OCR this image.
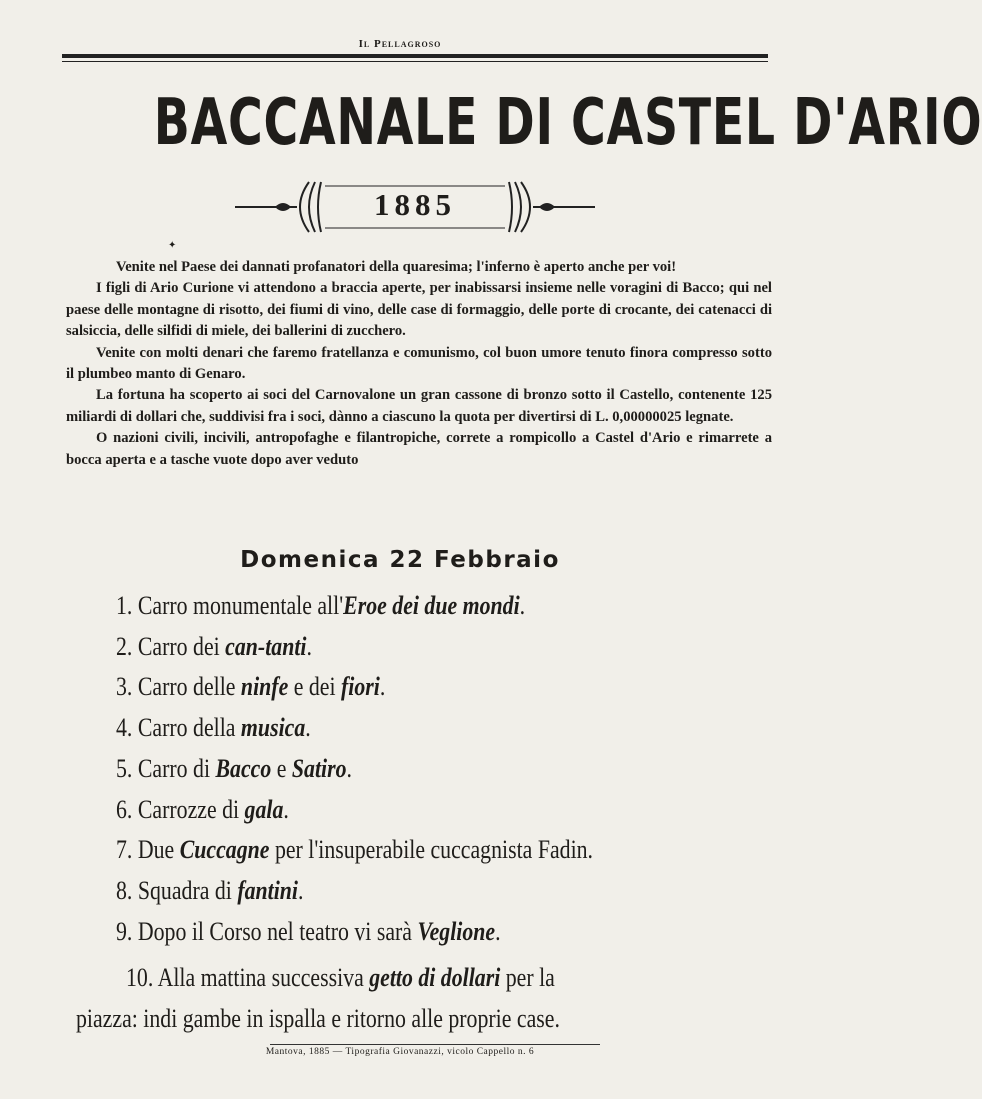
Il Pellagroso
BACCANALE DI CASTEL D'ARIO
1885
✦

Venite nel Paese dei dannati profanatori della quaresima; l'inferno è aperto anche per voi!

I figli di Ario Curione vi attendono a braccia aperte, per inabissarsi insieme nelle voragini di Bacco; qui nel paese delle montagne di risotto, dei fiumi di vino, delle case di formaggio, delle porte di crocante, dei catenacci di salsiccia, delle silfidi di miele, dei ballerini di zucchero.

Venite con molti denari che faremo fratellanza e comunismo, col buon umore tenuto finora compresso sotto il plumbeo manto di Genaro.

La fortuna ha scoperto ai soci del Carnovalone un gran cassone di bronzo sotto il Castello, contenente 125 miliardi di dollari che, suddivisi fra i soci, dànno a ciascuno la quota per divertirsi di L. 0,00000025 legnate.

O nazioni civili, incivili, antropofaghe e filantropiche, correte a rompicollo a Castel d'Ario e rimarrete a bocca aperta e a tasche vuote dopo aver veduto

Domenica 22 Febbraio
1. Carro monumentale all'Eroe dei due mondi.
2. Carro dei can-tanti.
3. Carro delle ninfe e dei fiori.
4. Carro della musica.
5. Carro di Bacco e Satiro.
6. Carrozze di gala.
7. Due Cuccagne per l'insuperabile cuccagnista Fadin.
8. Squadra di fantini.
9. Dopo il Corso nel teatro vi sarà Veglione.
10. Alla mattina successiva getto di dollari per la
piazza: indi gambe in ispalla e ritorno alle proprie case.
Mantova, 1885 — Tipografia Giovanazzi, vicolo Cappello n. 6
